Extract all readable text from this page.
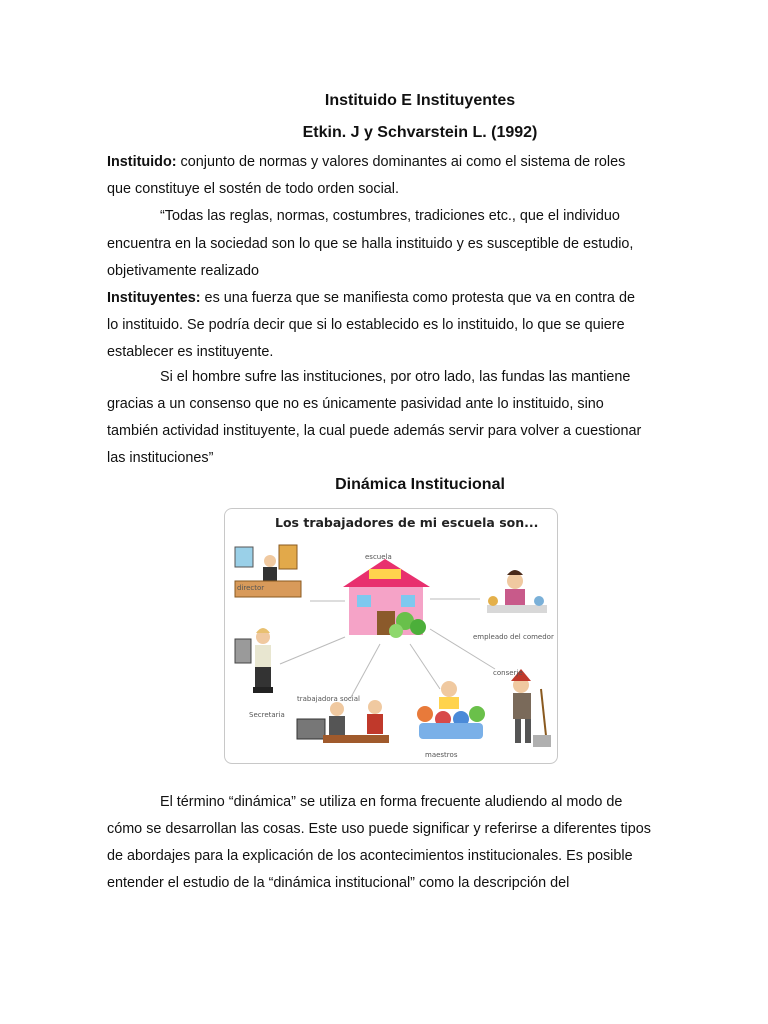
Instituido E Instituyentes
Etkin. J y Schvarstein L. (1992)

Instituido: conjunto de normas y valores dominantes ai como el sistema de roles

que constituye el sostén de todo orden social.

“Todas las reglas, normas, costumbres, tradiciones etc., que el individuo

encuentra en la sociedad son lo que se halla instituido y es susceptible de estudio,

objetivamente realizado

Instituyentes: es una fuerza que se manifiesta como protesta que va en contra de

lo instituido. Se podría decir que si lo establecido es lo instituido, lo que se quiere

establecer es instituyente.

Si el hombre sufre las instituciones, por otro lado, las fundas las mantiene

gracias a un consenso que no es únicamente pasividad ante lo instituido, sino

también actividad instituyente, la cual puede además servir para volver a cuestionar

las instituciones”

Dinámica Institucional
Los trabajadores de mi escuela son...
escuela
director
empleado del comedor
conserje
Secretaria
trabajadora social
maestros

El término “dinámica” se utiliza en forma frecuente aludiendo al modo de

cómo se desarrollan las cosas. Este uso puede significar y referirse a diferentes tipos

de abordajes para la explicación de los acontecimientos institucionales. Es posible

entender el estudio de la “dinámica institucional” como la descripción del
